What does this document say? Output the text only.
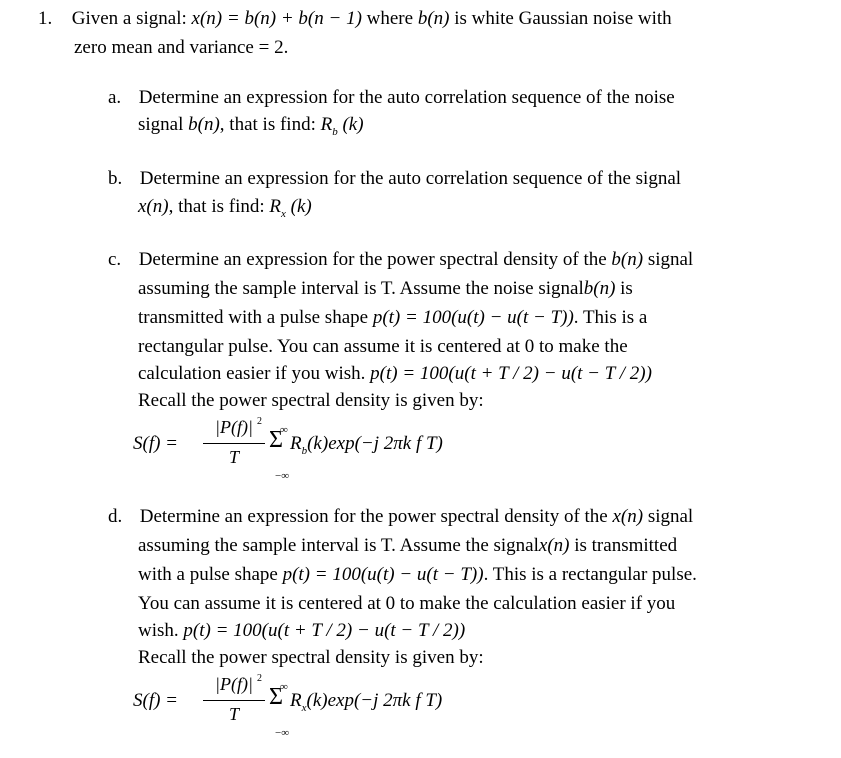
1. Given a signal: x(n) = b(n) + b(n − 1) where b(n) is white Gaussian noise with
zero mean and variance = 2.
a. Determine an expression for the auto correlation sequence of the noise
signal b(n), that is find: $R_b$ (k)
b. Determine an expression for the auto correlation sequence of the signal
x(n), that is find: $R_x$ (k)
c. Determine an expression for the power spectral density of the b(n) signal
assuming the sample interval is T. Assume the noise signalb(n) is
transmitted with a pulse shape p(t) = 100(u(t) − u(t − T)). This is a
rectangular pulse. You can assume it is centered at 0 to make the
calculation easier if you wish. p(t) = 100(u(t + T / 2) − u(t − T / 2))
Recall the power spectral density is given by:
S(f) =
|P(f)| 2
T
∞
Σ
−∞
$R_b(k)\exp(-j$ 2πk f T)
d. Determine an expression for the power spectral density of the x(n) signal
assuming the sample interval is T. Assume the signalx(n) is transmitted
with a pulse shape p(t) = 100(u(t) − u(t − T)). This is a rectangular pulse.
You can assume it is centered at 0 to make the calculation easier if you
wish. p(t) = 100(u(t + T / 2) − u(t − T / 2))
Recall the power spectral density is given by:
S(f) =
|P(f)| 2
T
∞
Σ
−∞
$R_x(k)\exp(-j$ 2πk f T)
